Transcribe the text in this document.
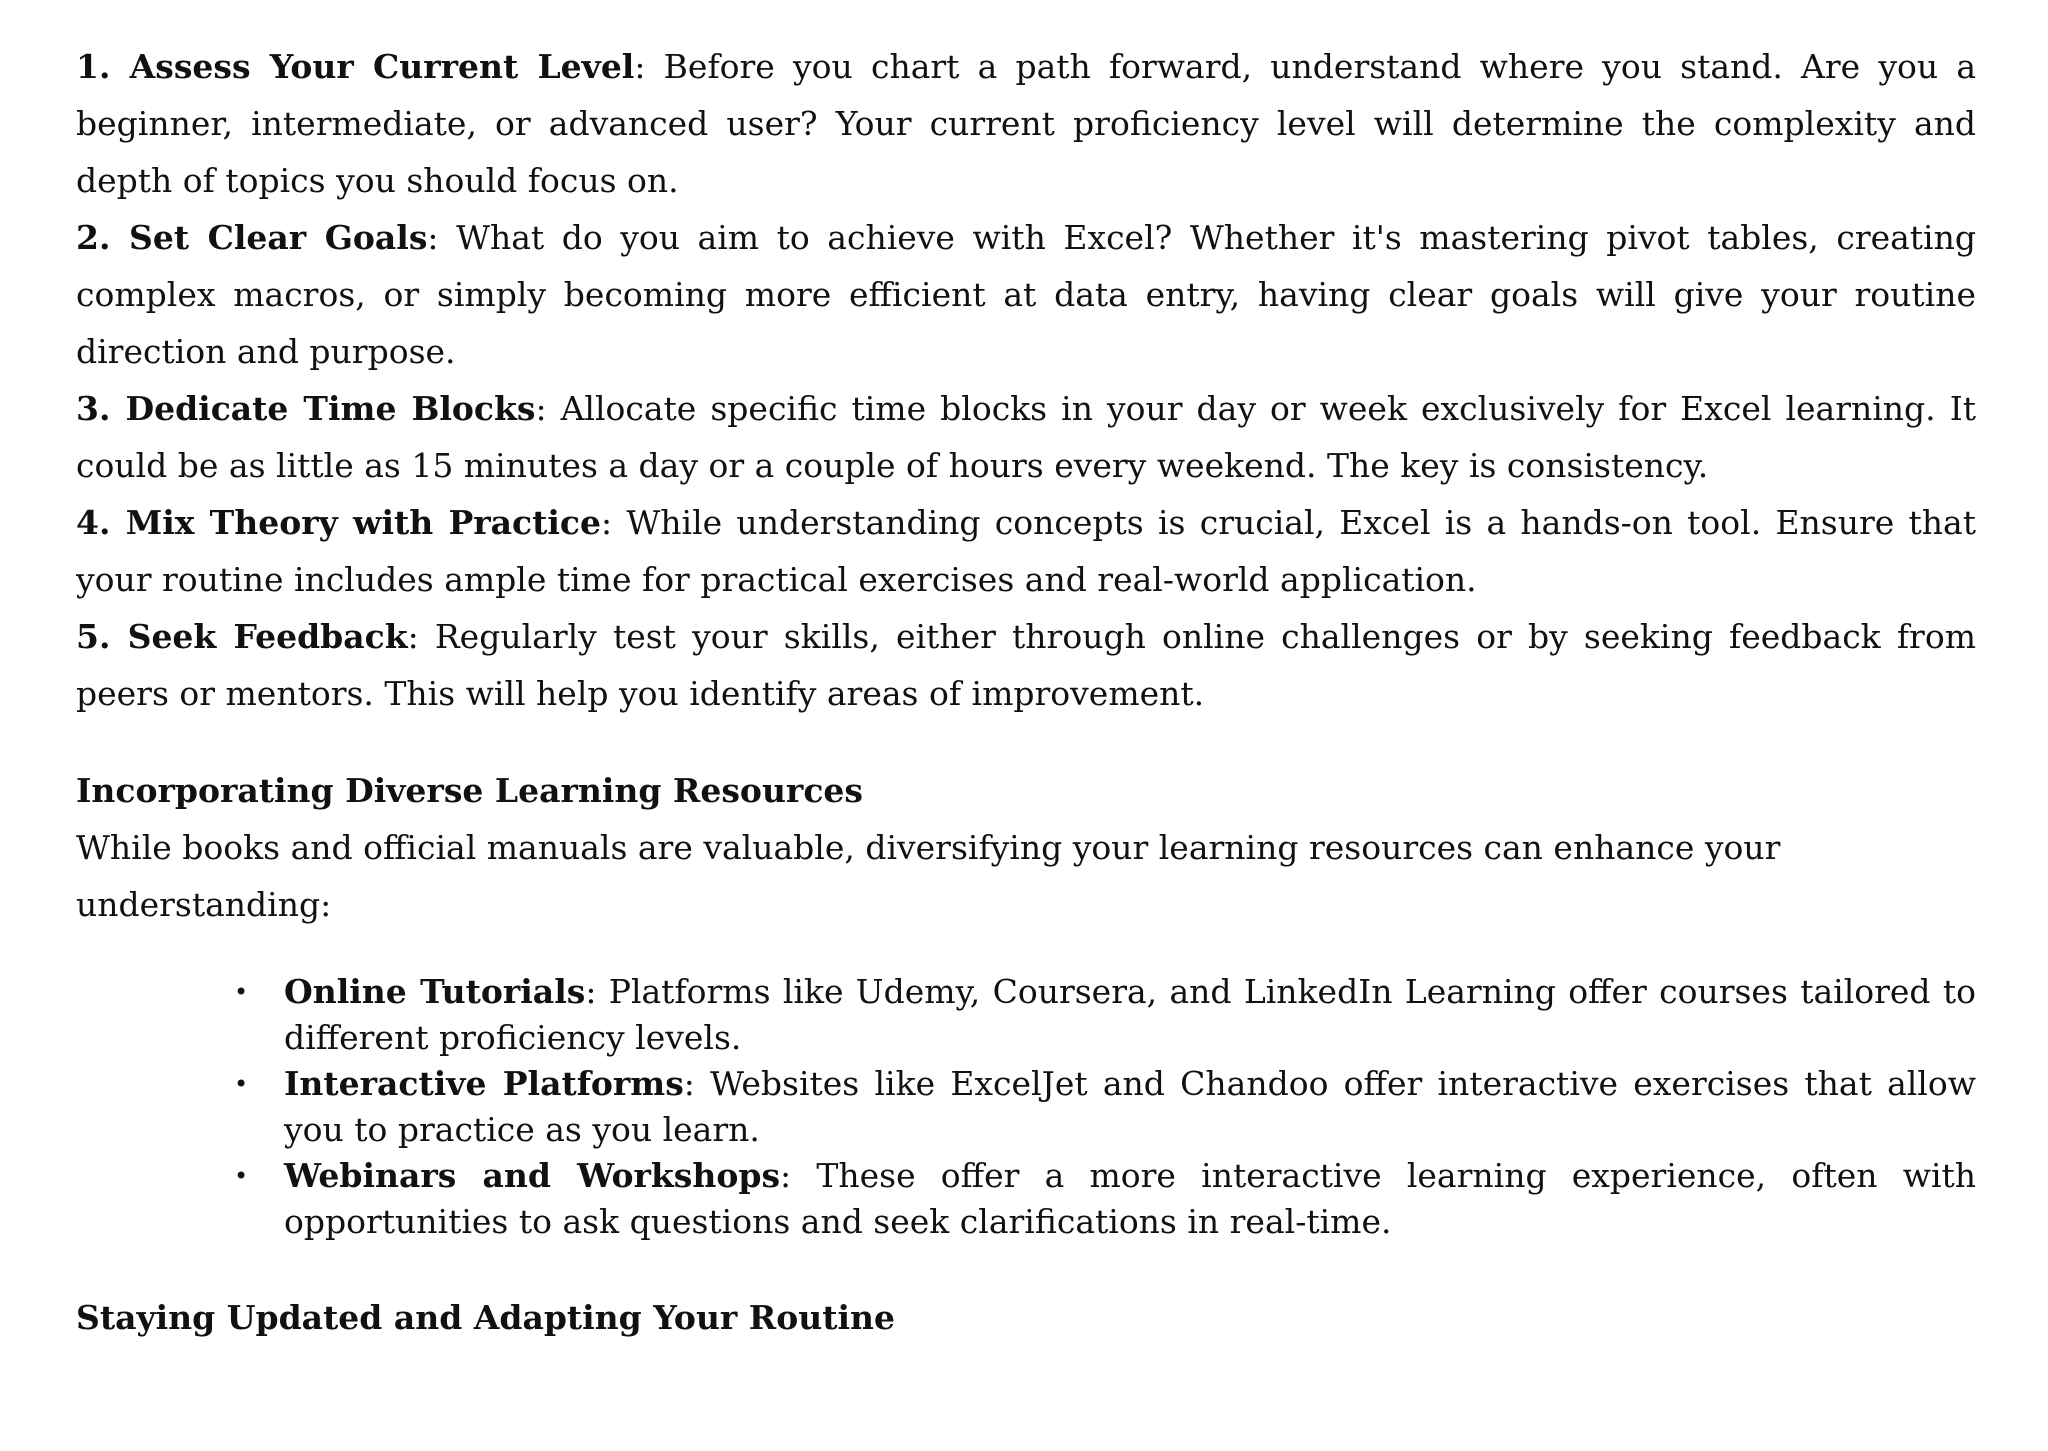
1. Assess Your Current Level: Before you chart a path forward, understand where you stand. Are you a beginner, intermediate, or advanced user? Your current proficiency level will determine the complexity and depth of topics you should focus on.

2. Set Clear Goals: What do you aim to achieve with Excel? Whether it's mastering pivot tables, creating complex macros, or simply becoming more efficient at data entry, having clear goals will give your routine direction and purpose.

3. Dedicate Time Blocks: Allocate specific time blocks in your day or week exclusively for Excel learning. It could be as little as 15 minutes a day or a couple of hours every weekend. The key is consistency.

4. Mix Theory with Practice: While understanding concepts is crucial, Excel is a hands-on tool. Ensure that your routine includes ample time for practical exercises and real-world application.

5. Seek Feedback: Regularly test your skills, either through online challenges or by seeking feedback from peers or mentors. This will help you identify areas of improvement.

Incorporating Diverse Learning Resources

While books and official manuals are valuable, diversifying your learning resources can enhance your understanding:

• Online Tutorials: Platforms like Udemy, Coursera, and LinkedIn Learning offer courses tailored to different proficiency levels.
• Interactive Platforms: Websites like ExcelJet and Chandoo offer interactive exercises that allow you to practice as you learn.
• Webinars and Workshops: These offer a more interactive learning experience, often with opportunities to ask questions and seek clarifications in real-time.
Staying Updated and Adapting Your Routine
